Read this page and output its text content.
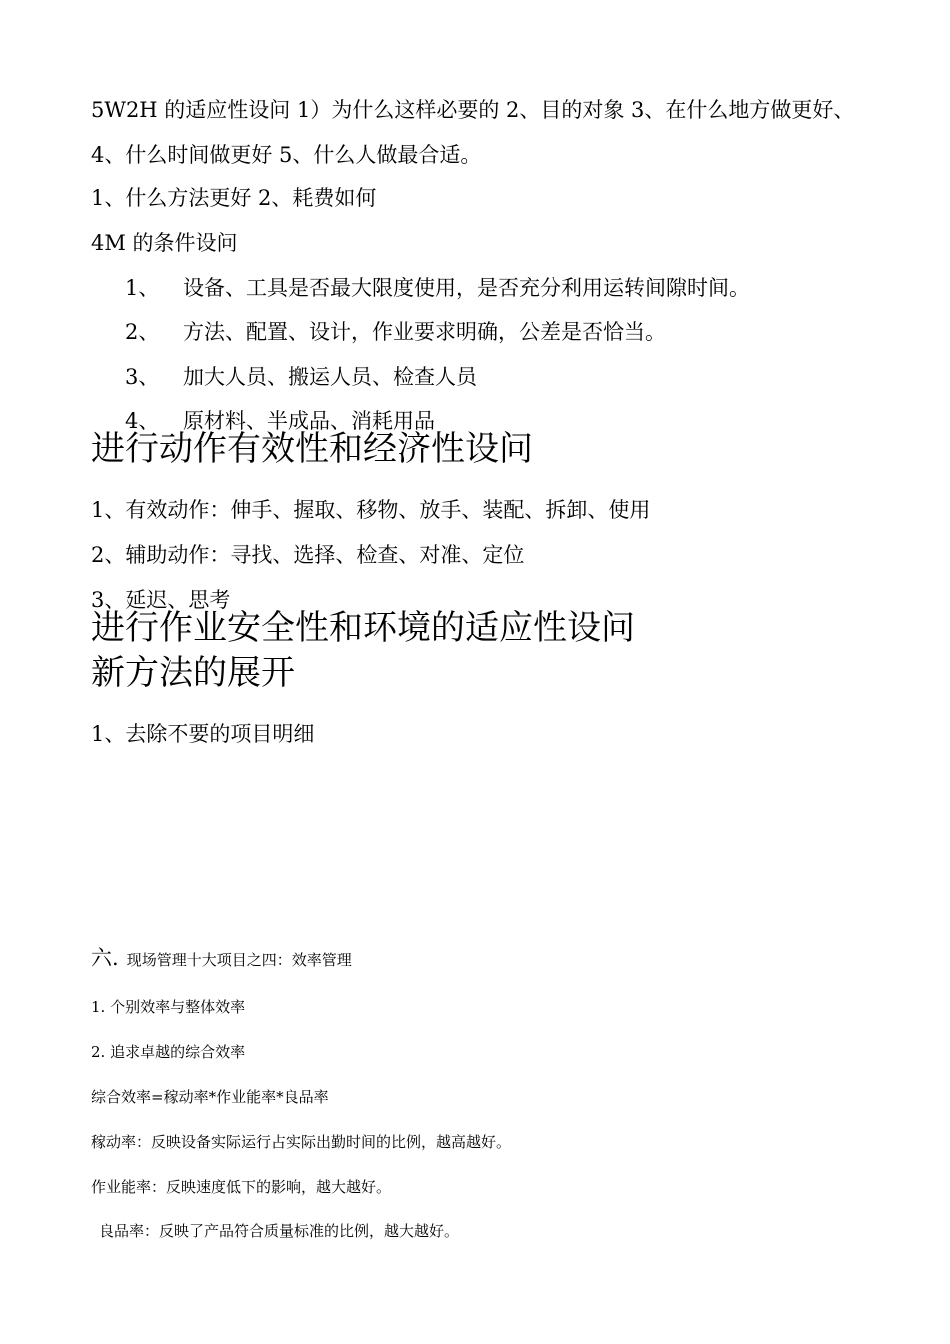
5W2H 的适应性设问 1）为什么这样必要的 2、目的对象 3、在什么地方做更好、
4、什么时间做更好 5、什么人做最合适。
1、什么方法更好 2、耗费如何
4M 的条件设问
1、 设备、工具是否最大限度使用，是否充分利用运转间隙时间。
2、 方法、配置、设计，作业要求明确，公差是否恰当。
3、 加大人员、搬运人员、检查人员
4、 原材料、半成品、消耗用品
进行动作有效性和经济性设问
1、有效动作：伸手、握取、移物、放手、装配、拆卸、使用
2、辅助动作：寻找、选择、检查、对准、定位
3、延迟、思考
进行作业安全性和环境的适应性设问
新方法的展开
1、去除不要的项目明细
六. 现场管理十大项目之四：效率管理
1. 个别效率与整体效率
2. 追求卓越的综合效率
综合效率=稼动率*作业能率*良品率
稼动率：反映设备实际运行占实际出勤时间的比例，越高越好。
作业能率：反映速度低下的影响，越大越好。
良品率：反映了产品符合质量标准的比例，越大越好。
